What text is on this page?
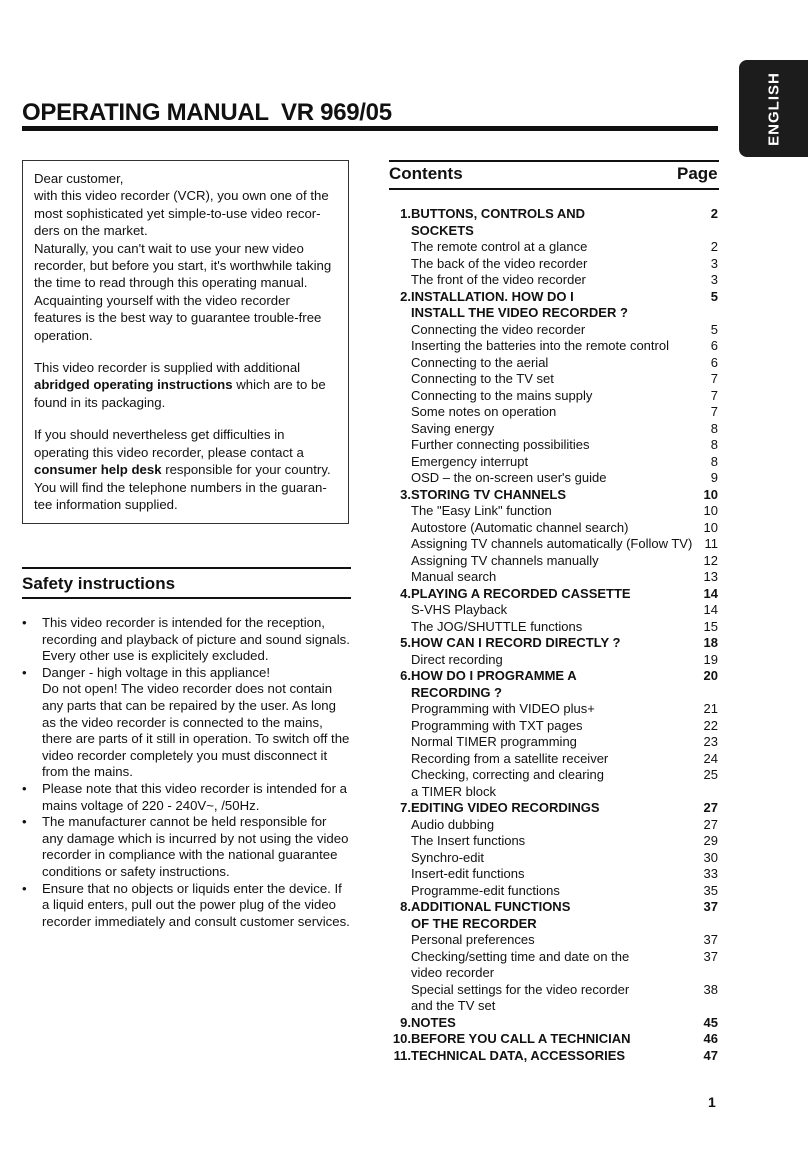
ENGLISH
OPERATING MANUAL  VR 969/05

Dear customer,

with this video recorder (VCR), you own one of the most sophisticated yet simple-to-use video recor-ders on the market.

Naturally, you can't wait to use your new video recorder, but before you start, it's worthwhile taking the time to read through this operating manual. Acquainting yourself with the video recorder features is the best way to guarantee trouble-free operation.

This video recorder is supplied with additional abridged operating instructions which are to be found in its packaging.

If you should nevertheless get difficulties in operating this video recorder, please contact a consumer help desk responsible for your country. You will find the telephone numbers in the guaran-tee information supplied.

Safety instructions
• This video recorder is intended for the reception, recording and playback of picture and sound signals. Every other use is explicitely excluded.
• Danger - high voltage in this appliance!
Do not open! The video recorder does not contain any parts that can be repaired by the user. As long as the video recorder is connected to the mains, there are parts of it still in operation. To switch off the video recorder completely you must disconnect it from the mains.
• Please note that this video recorder is intended for a mains voltage of 220 - 240V~, /50Hz.
• The manufacturer cannot be held responsible for any damage which is incurred by not using the video recorder in compliance with the national guarantee conditions or safety instructions.
• Ensure that no objects or liquids enter the device. If a liquid enters, pull out the power plug of the video recorder immediately and consult customer services.
Contents	Page
1. BUTTONS, CONTROLS AND	2
SOCKETS
The remote control at a glance	2
The back of the video recorder	3
The front of the video recorder	3
2. INSTALLATION. HOW DO I	5
INSTALL THE VIDEO RECORDER ?
Connecting the video recorder	5
Inserting the batteries into the remote control	6
Connecting to the aerial	6
Connecting to the TV set	7
Connecting to the mains supply	7
Some notes on operation	7
Saving energy	8
Further connecting possibilities	8
Emergency interrupt	8
OSD – the on-screen user's guide	9
3. STORING TV CHANNELS	10
The "Easy Link" function	10
Autostore (Automatic channel search)	10
Assigning TV channels automatically (Follow TV) 11
Assigning TV channels manually	12
Manual search	13
4. PLAYING A RECORDED CASSETTE	14
S-VHS Playback	14
The JOG/SHUTTLE functions	15
5. HOW CAN I RECORD DIRECTLY ?	18
Direct recording	19
6. HOW DO I PROGRAMME A	20
RECORDING ?
Programming with VIDEO plus+	21
Programming with TXT pages	22
Normal TIMER programming	23
Recording from a satellite receiver	24
Checking, correcting and clearing	25
a TIMER block
7. EDITING VIDEO RECORDINGS	27
Audio dubbing	27
The Insert functions	29
Synchro-edit	30
Insert-edit functions	33
Programme-edit functions	35
8. ADDITIONAL FUNCTIONS	37
OF THE RECORDER
Personal preferences	37
Checking/setting time and date on the	37
video recorder
Special settings for the video recorder	38
and the TV set
9. NOTES	45
10. BEFORE YOU CALL A TECHNICIAN	46
11. TECHNICAL DATA, ACCESSORIES	47
1
